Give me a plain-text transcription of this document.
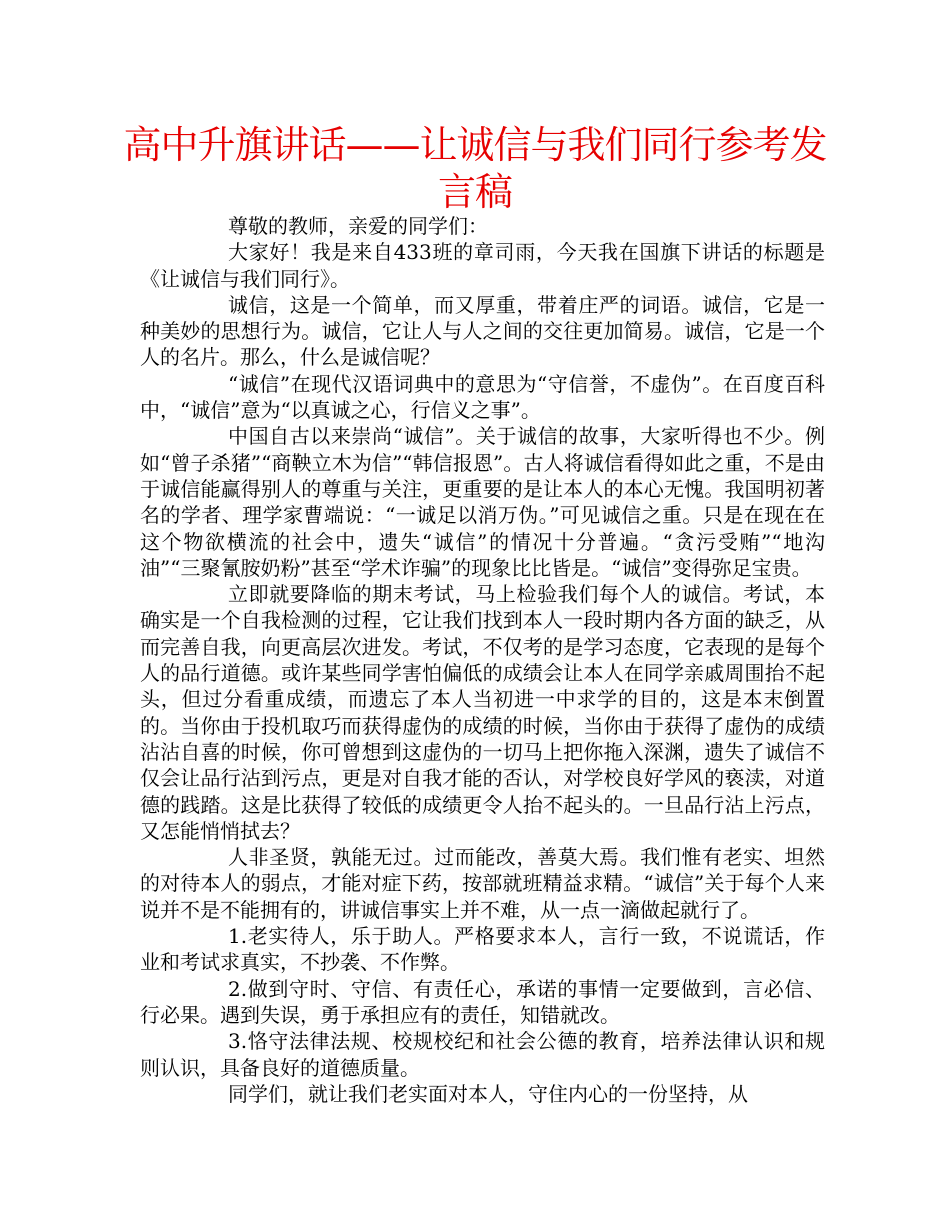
高中升旗讲话——让诚信与我们同行参考发言稿

尊敬的教师，亲爱的同学们：

大家好！我是来自433班的章司雨，今天我在国旗下讲话的标题是《让诚信与我们同行》。

诚信，这是一个简单，而又厚重，带着庄严的词语。诚信，它是一种美妙的思想行为。诚信，它让人与人之间的交往更加简易。诚信，它是一个人的名片。那么，什么是诚信呢？

“诚信”在现代汉语词典中的意思为“守信誉，不虚伪”。在百度百科中，“诚信”意为“以真诚之心，行信义之事”。

中国自古以来崇尚“诚信”。关于诚信的故事，大家听得也不少。例如“曾子杀猪”“商鞅立木为信”“韩信报恩”。古人将诚信看得如此之重，不是由于诚信能赢得别人的尊重与关注，更重要的是让本人的本心无愧。我国明初著名的学者、理学家曹端说：“一诚足以消万伪。”可见诚信之重。只是在现在在这个物欲横流的社会中，遗失“诚信”的情况十分普遍。“贪污受贿”“地沟油”“三聚氰胺奶粉”甚至“学术诈骗”的现象比比皆是。“诚信”变得弥足宝贵。

立即就要降临的期末考试，马上检验我们每个人的诚信。考试，本确实是一个自我检测的过程，它让我们找到本人一段时期内各方面的缺乏，从而完善自我，向更高层次进发。考试，不仅考的是学习态度，它表现的是每个人的品行道德。或许某些同学害怕偏低的成绩会让本人在同学亲戚周围抬不起头，但过分看重成绩，而遗忘了本人当初进一中求学的目的，这是本末倒置的。当你由于投机取巧而获得虚伪的成绩的时候，当你由于获得了虚伪的成绩沾沾自喜的时候，你可曾想到这虚伪的一切马上把你拖入深渊，遗失了诚信不仅会让品行沾到污点，更是对自我才能的否认，对学校良好学风的亵渎，对道德的践踏。这是比获得了较低的成绩更令人抬不起头的。一旦品行沾上污点，又怎能悄悄拭去？

人非圣贤，孰能无过。过而能改，善莫大焉。我们惟有老实、坦然的对待本人的弱点，才能对症下药，按部就班精益求精。“诚信”关于每个人来说并不是不能拥有的，讲诚信事实上并不难，从一点一滴做起就行了。

1.老实待人，乐于助人。严格要求本人，言行一致，不说谎话，作业和考试求真实，不抄袭、不作弊。

2.做到守时、守信、有责任心，承诺的事情一定要做到，言必信、行必果。遇到失误，勇于承担应有的责任，知错就改。

3.恪守法律法规、校规校纪和社会公德的教育，培养法律认识和规则认识，具备良好的道德质量。

同学们，就让我们老实面对本人，守住内心的一份坚持，从
